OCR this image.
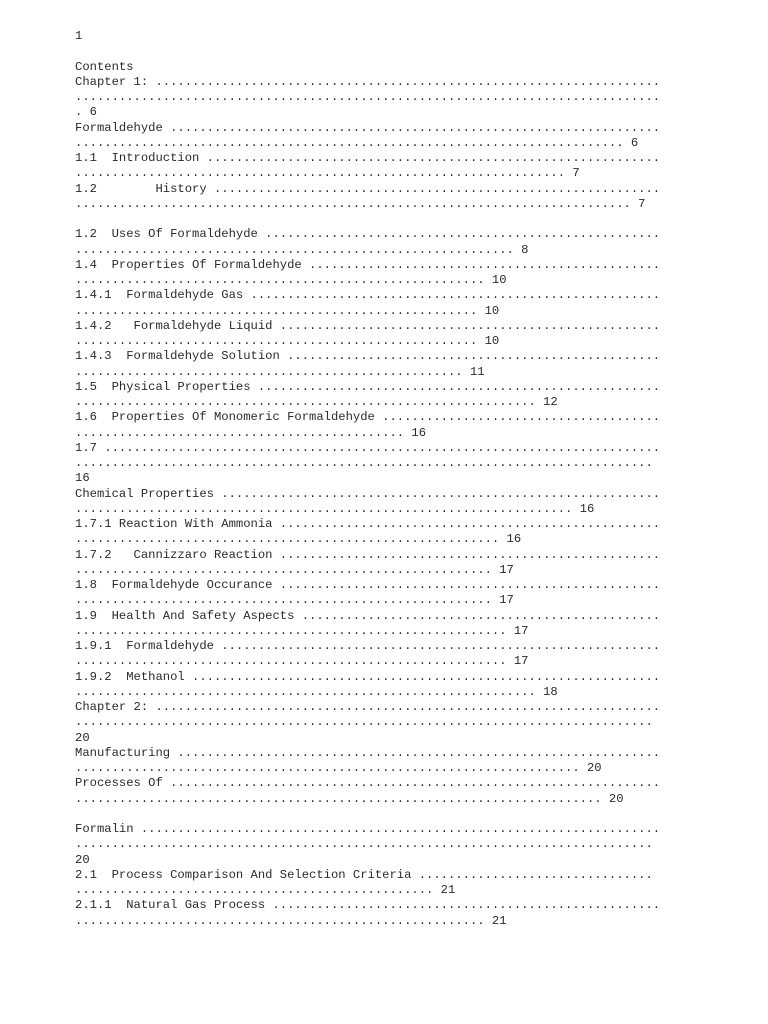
1
Contents
Chapter 1: .....................................................................
................................................................................
. 6
Formaldehyde ...................................................................
........................................................................... 6
1.1  Introduction ..............................................................
................................................................... 7
1.2        History .............................................................
............................................................................ 7
1.2  Uses Of Formaldehyde ......................................................
............................................................ 8
1.4  Properties Of Formaldehyde ................................................
........................................................ 10
1.4.1  Formaldehyde Gas ........................................................
....................................................... 10
1.4.2   Formaldehyde Liquid ....................................................
....................................................... 10
1.4.3  Formaldehyde Solution ...................................................
..................................................... 11
1.5  Physical Properties .......................................................
............................................................... 12
1.6  Properties Of Monomeric Formaldehyde ......................................
............................................. 16
1.7 ............................................................................
...............................................................................
16
Chemical Properties ............................................................
.................................................................... 16
1.7.1 Reaction With Ammonia ....................................................
.......................................................... 16
1.7.2   Cannizzaro Reaction ....................................................
......................................................... 17
1.8  Formaldehyde Occurance ....................................................
......................................................... 17
1.9  Health And Safety Aspects .................................................
........................................................... 17
1.9.1  Formaldehyde ............................................................
........................................................... 17
1.9.2  Methanol ................................................................
............................................................... 18
Chapter 2: .....................................................................
...............................................................................
20
Manufacturing ..................................................................
..................................................................... 20
Processes Of ...................................................................
........................................................................ 20
Formalin .......................................................................
...............................................................................
20
2.1  Process Comparison And Selection Criteria ................................
................................................. 21
2.1.1  Natural Gas Process .....................................................
........................................................ 21
